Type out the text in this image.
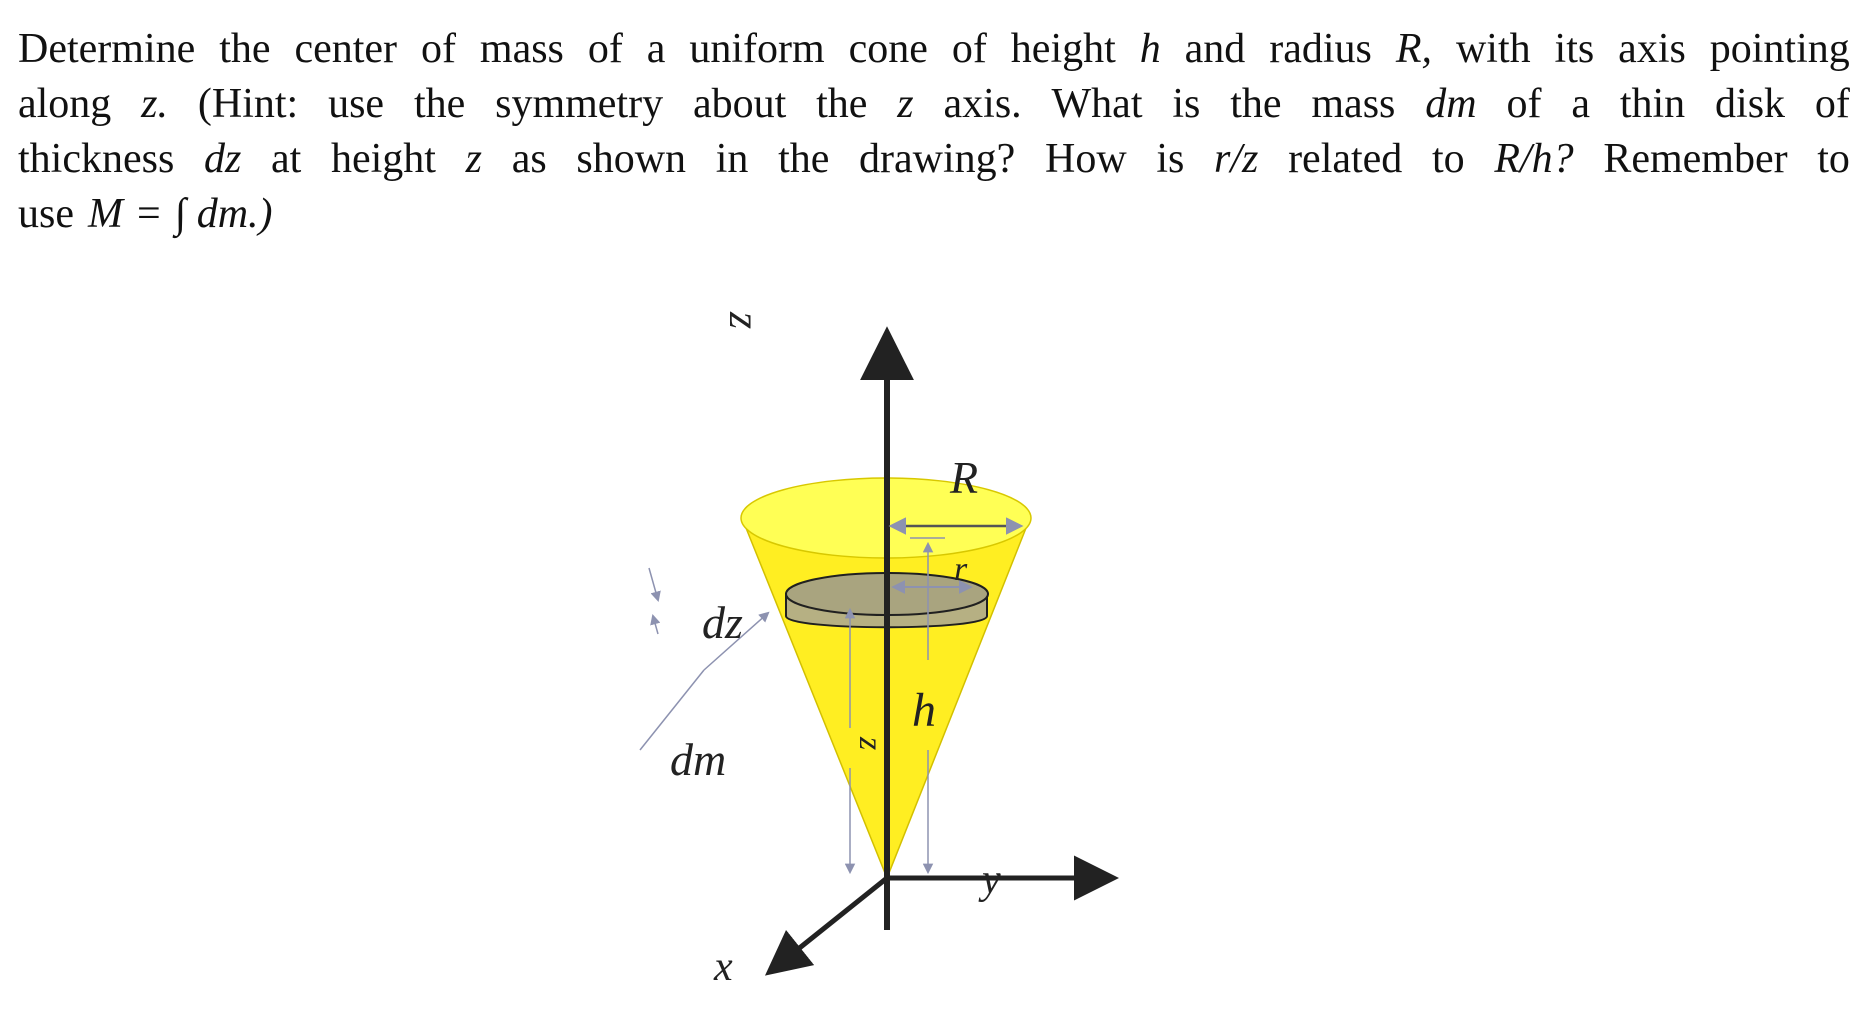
Determine the center of mass of a uniform cone of height h and radius R, with its axis pointing
along z. (Hint: use the symmetry about the z axis. What is the mass dm of a thin disk of
thickness dz at height z as shown in the drawing? How is r/z related to R/h? Remember to
use M = ∫ dm.)
z
R
r
dz
h
z
dm
y
x
